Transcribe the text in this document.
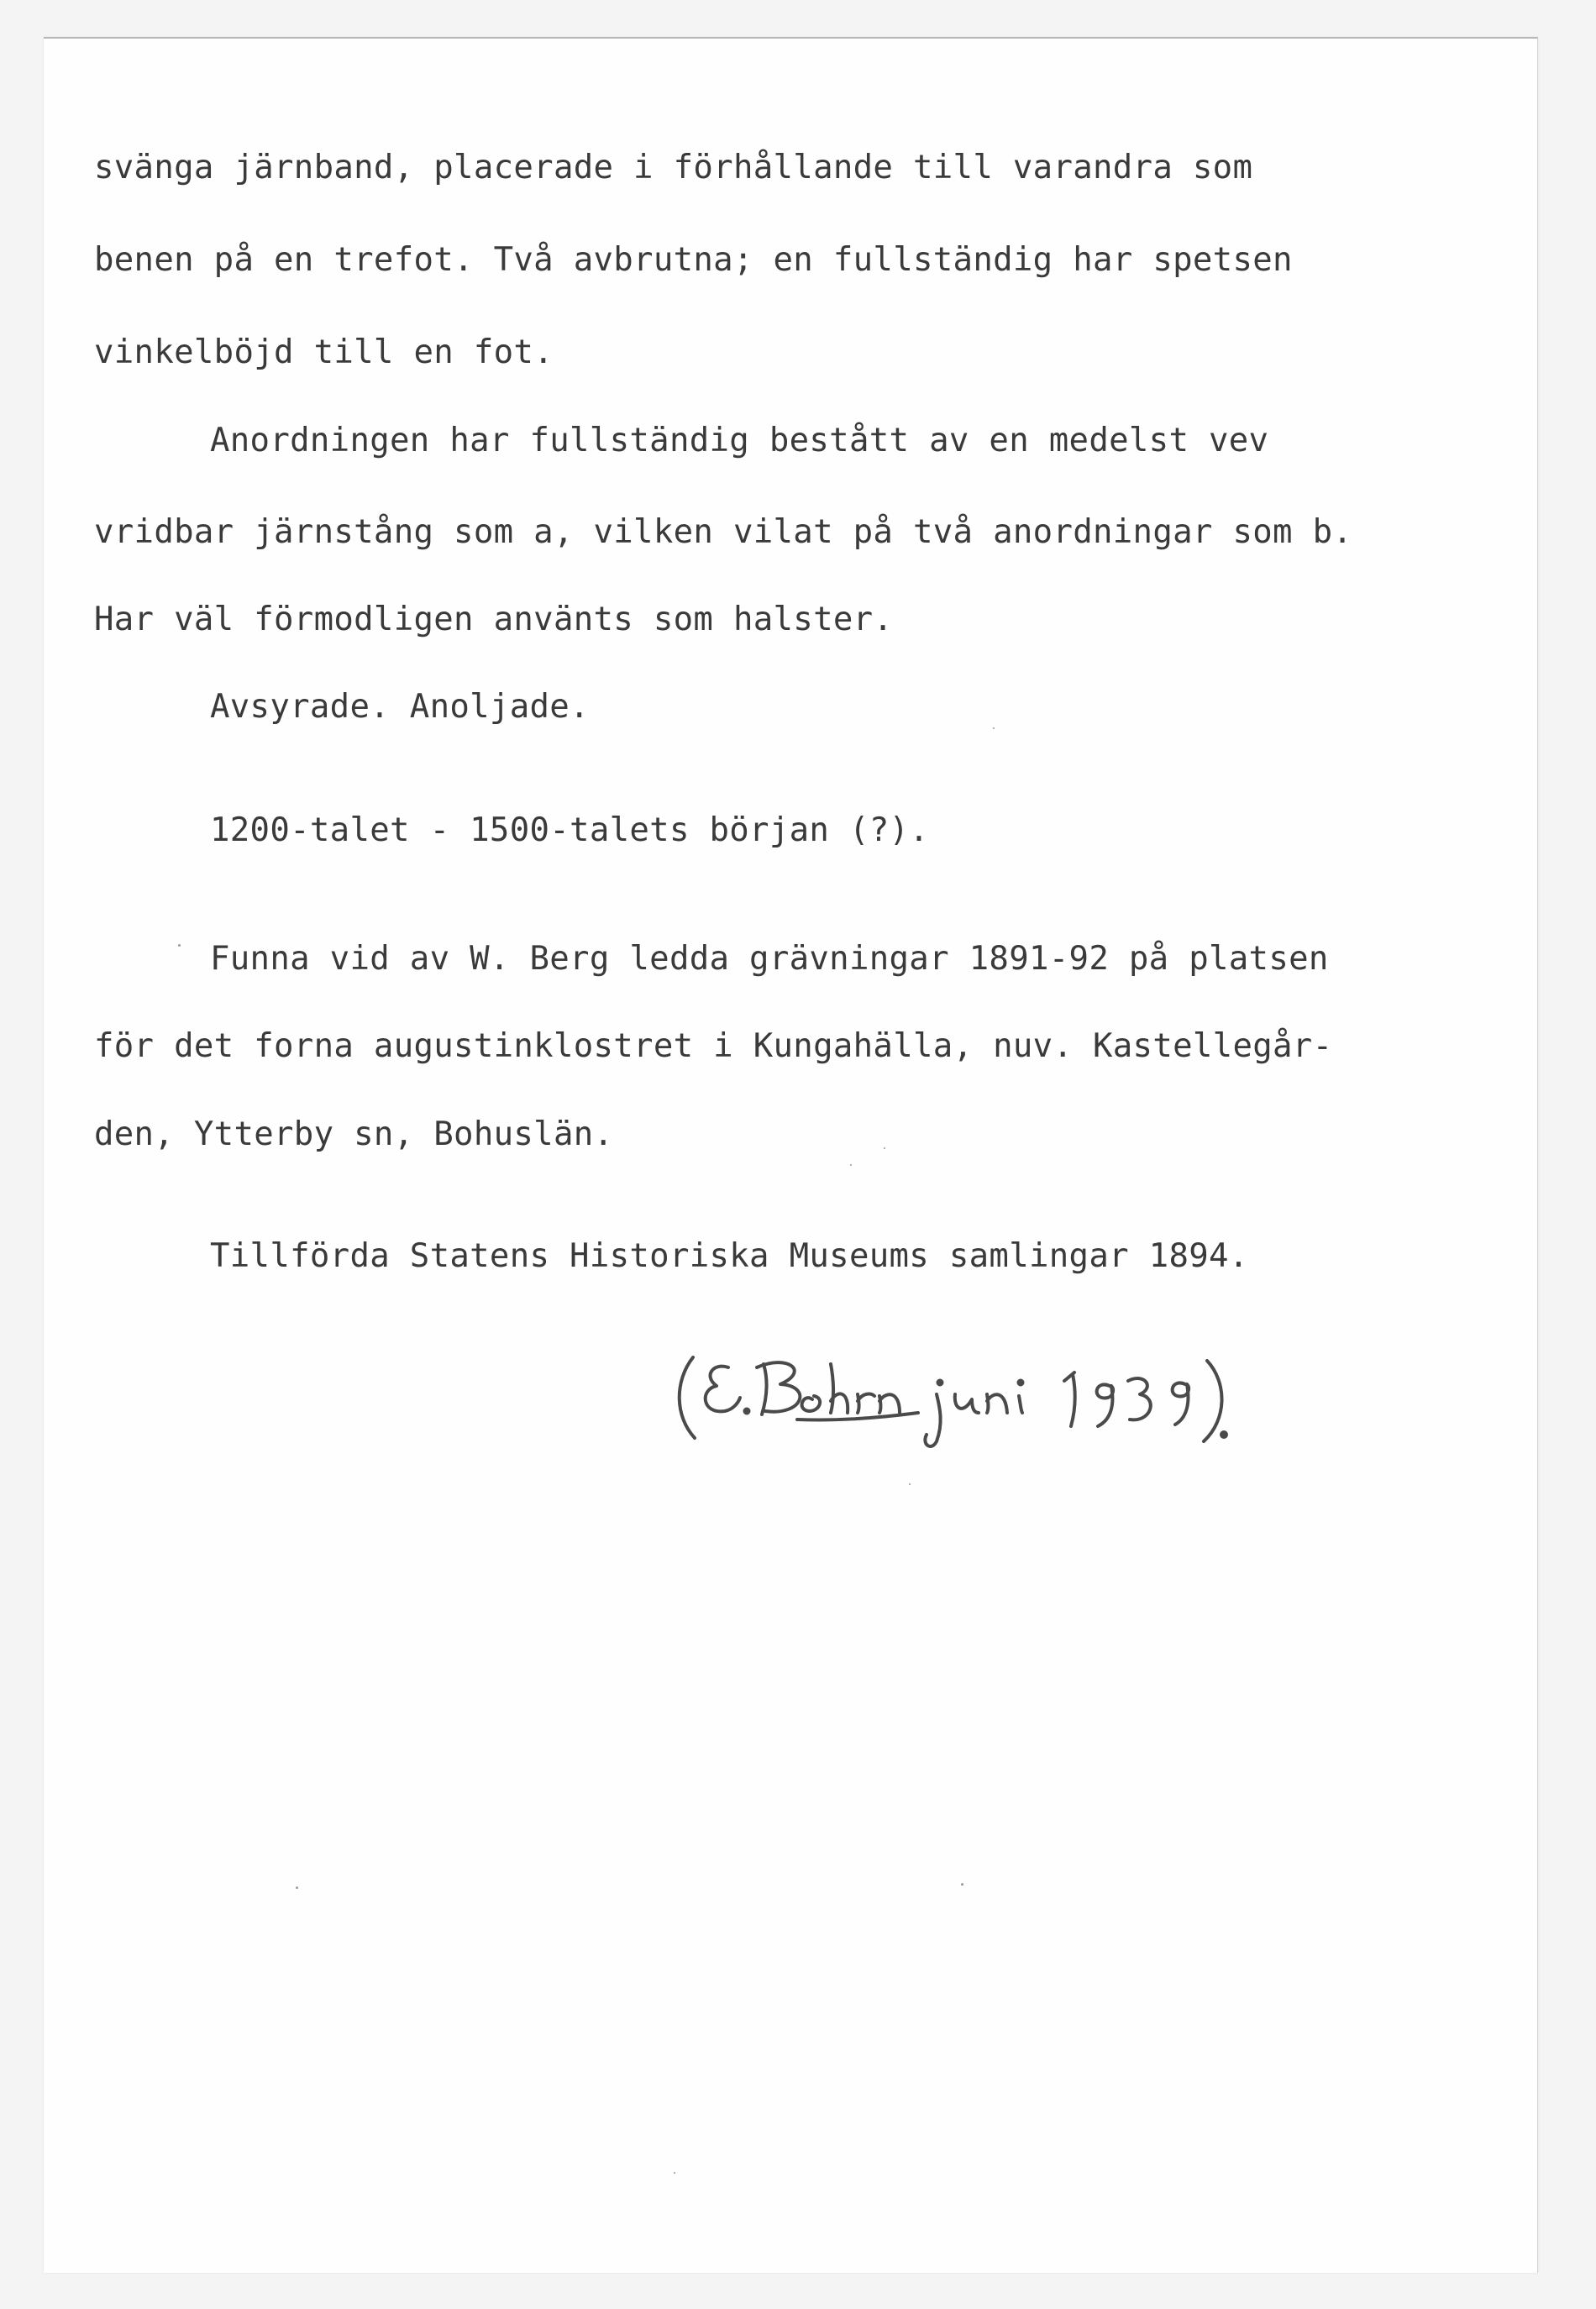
svänga järnband, placerade i förhållande till varandra som

benen på en trefot. Två avbrutna; en fullständig har spetsen

vinkelböjd till en fot.

Anordningen har fullständig bestått av en medelst vev

vridbar järnstång som a, vilken vilat på två anordningar som b.

Har väl förmodligen använts som halster.

Avsyrade. Anoljade.

1200-talet - 1500-talets början (?).

Funna vid av W. Berg ledda grävningar 1891-92 på platsen

för det forna augustinklostret i Kungahälla, nuv. Kastellegår-

den, Ytterby sn, Bohuslän.

Tillförda Statens Historiska Museums samlingar 1894.
